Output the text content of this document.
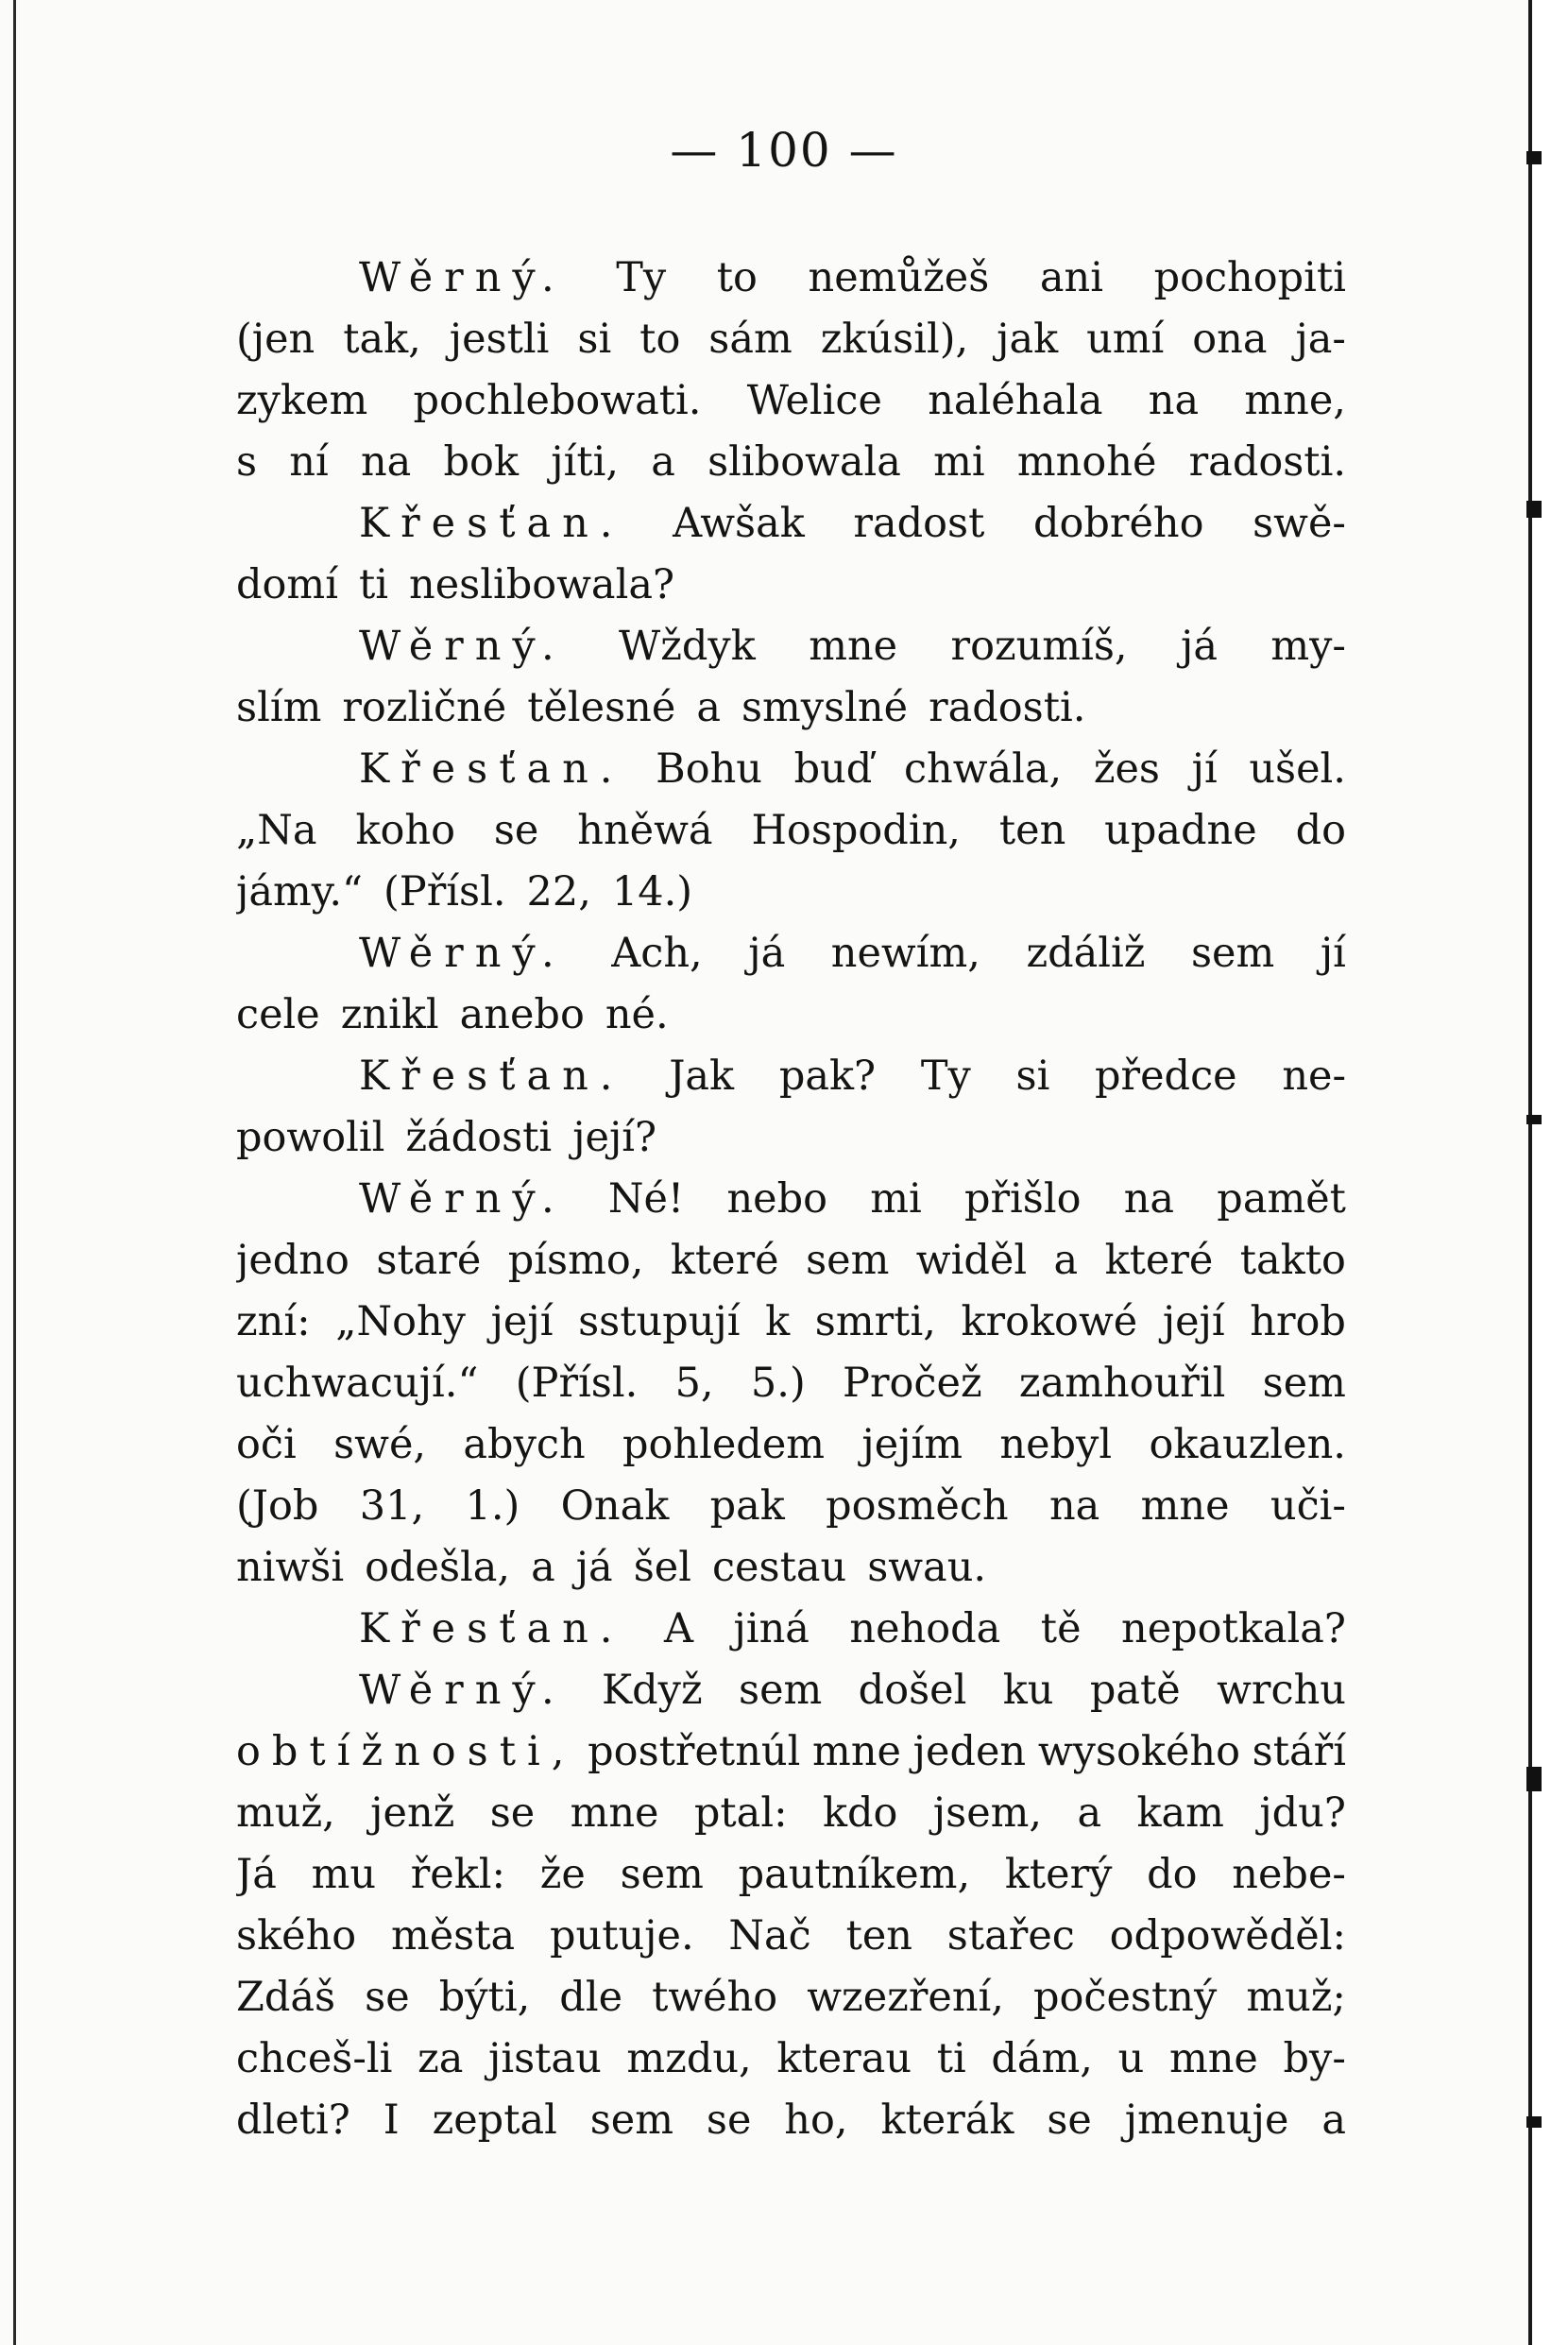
— 100 —
Wěrný. Ty to nemůžeš ani pochopiti
(jen tak, jestli si to sám zkúsil), jak umí ona ja-
zykem pochlebowati. Welice naléhala na mne,
s ní na bok jíti, a slibowala mi mnohé radosti.
Křesťan. Awšak radost dobrého swě-
domí ti neslibowala?
Wěrný. Wždyk mne rozumíš, já my-
slím rozličné tělesné a smyslné radosti.
Křesťan. Bohu buď chwála, žes jí ušel.
„Na koho se hněwá Hospodin, ten upadne do
jámy.“ (Přísl. 22, 14.)
Wěrný. Ach, já newím, zdáliž sem jí
cele znikl anebo né.
Křesťan. Jak pak? Ty si předce ne-
powolil žádosti její?
Wěrný. Né! nebo mi přišlo na pamět
jedno staré písmo, které sem widěl a které takto
zní: „Nohy její sstupují k smrti, krokowé její hrob
uchwacují.“ (Přísl. 5, 5.) Pročež zamhouřil sem
oči swé, abych pohledem jejím nebyl okauzlen.
(Job 31, 1.) Onak pak posměch na mne uči-
niwši odešla, a já šel cestau swau.
Křesťan. A jiná nehoda tě nepotkala?
Wěrný. Když sem došel ku patě wrchu
obtížnosti, postřetnúl mne jeden wysokého stáří
muž, jenž se mne ptal: kdo jsem, a kam jdu?
Já mu řekl: že sem pautníkem, který do nebe-
ského města putuje. Nač ten stařec odpowěděl:
Zdáš se býti, dle twého wzezření, počestný muž;
chceš-li za jistau mzdu, kterau ti dám, u mne by-
dleti? I zeptal sem se ho, kterák se jmenuje a
